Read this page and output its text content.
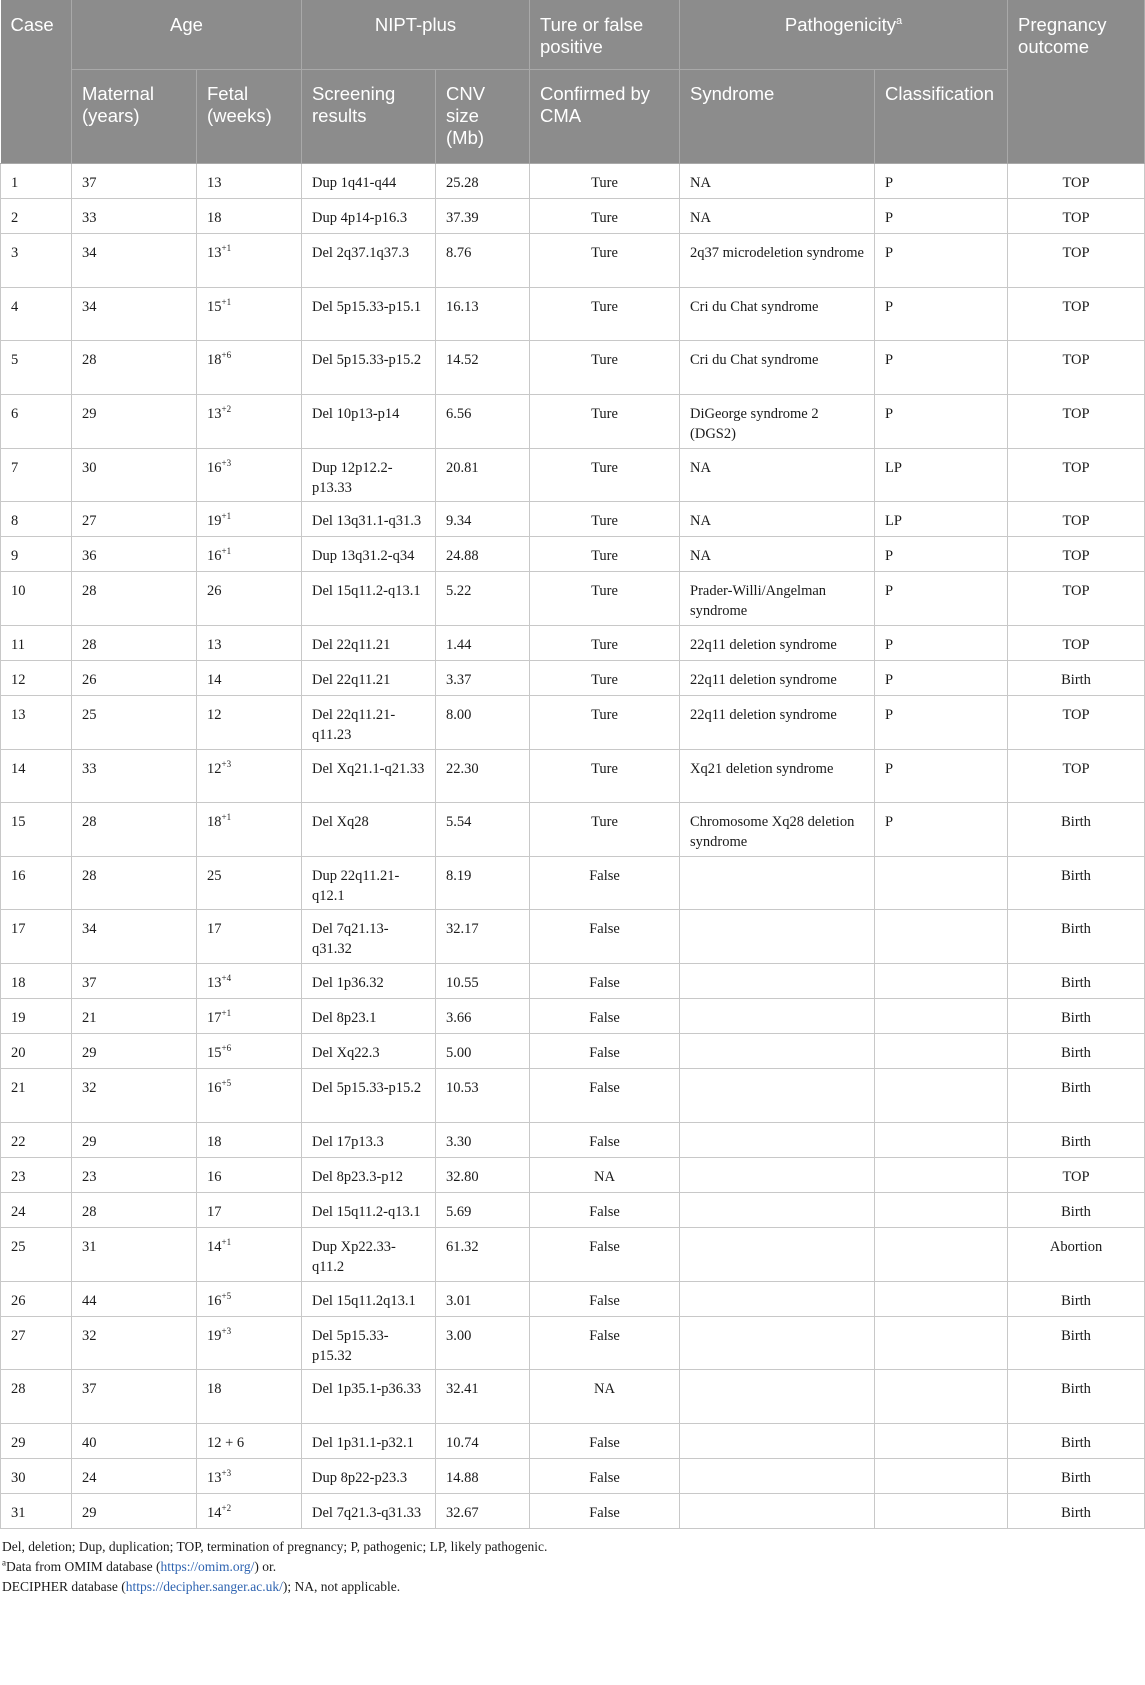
Case	Age		NIPT-plus		Ture or false positive	Pathogenicity$^a$		Pregnancy outcome
	Maternal (years)	Fetal (weeks)	Screening results	CNV size (Mb)	Confirmed by CMA	Syndrome	Classification	
1	37	13	Dup 1q41-q44	25.28	Ture	NA	P	TOP
2	33	18	Dup 4p14-p16.3	37.39	Ture	NA	P	TOP
3	34	$13^{+1}$	Del 2q37.1q37.3	8.76	Ture	2q37 microdeletion syndrome	P	TOP
4	34	$15^{+1}$	Del 5p15.33-p15.1	16.13	Ture	Cri du Chat syndrome	P	TOP
5	28	$18^{+6}$	Del 5p15.33-p15.2	14.52	Ture	Cri du Chat syndrome	P	TOP
6	29	$13^{+2}$	Del 10p13-p14	6.56	Ture	DiGeorge syndrome 2 (DGS2)	P	TOP
7	30	$16^{+3}$	Dup 12p12.2-p13.33	20.81	Ture	NA	LP	TOP
8	27	$19^{+1}$	Del 13q31.1-q31.3	9.34	Ture	NA	LP	TOP
9	36	$16^{+1}$	Dup 13q31.2-q34	24.88	Ture	NA	P	TOP
10	28	26	Del 15q11.2-q13.1	5.22	Ture	Prader-Willi/Angelman syndrome	P	TOP
11	28	13	Del 22q11.21	1.44	Ture	22q11 deletion syndrome	P	TOP
12	26	14	Del 22q11.21	3.37	Ture	22q11 deletion syndrome	P	Birth
13	25	12	Del 22q11.21-q11.23	8.00	Ture	22q11 deletion syndrome	P	TOP
14	33	$12^{+3}$	Del Xq21.1-q21.33	22.30	Ture	Xq21 deletion syndrome	P	TOP
15	28	$18^{+1}$	Del Xq28	5.54	Ture	Chromosome Xq28 deletion syndrome	P	Birth
16	28	25	Dup 22q11.21-q12.1	8.19	False			Birth
17	34	17	Del 7q21.13-q31.32	32.17	False			Birth
18	37	$13^{+4}$	Del 1p36.32	10.55	False			Birth
19	21	$17^{+1}$	Del 8p23.1	3.66	False			Birth
20	29	$15^{+6}$	Del Xq22.3	5.00	False			Birth
21	32	$16^{+5}$	Del 5p15.33-p15.2	10.53	False			Birth
22	29	18	Del 17p13.3	3.30	False			Birth
23	23	16	Del 8p23.3-p12	32.80	NA			TOP
24	28	17	Del 15q11.2-q13.1	5.69	False			Birth
25	31	$14^{+1}$	Dup Xp22.33-q11.2	61.32	False			Abortion
26	44	$16^{+5}$	Del 15q11.2q13.1	3.01	False			Birth
27	32	$19^{+3}$	Del 5p15.33-p15.32	3.00	False			Birth
28	37	18	Del 1p35.1-p36.33	32.41	NA			Birth
29	40	12 + 6	Del 1p31.1-p32.1	10.74	False			Birth
30	24	$13^{+3}$	Dup 8p22-p23.3	14.88	False			Birth
31	29	$14^{+2}$	Del 7q21.3-q31.33	32.67	False			Birth
Del, deletion; Dup, duplication; TOP, termination of pregnancy; P, pathogenic; LP, likely pathogenic.
$^a$Data from OMIM database (https://omim.org/) or.
DECIPHER database (https://decipher.sanger.ac.uk/); NA, not applicable.
